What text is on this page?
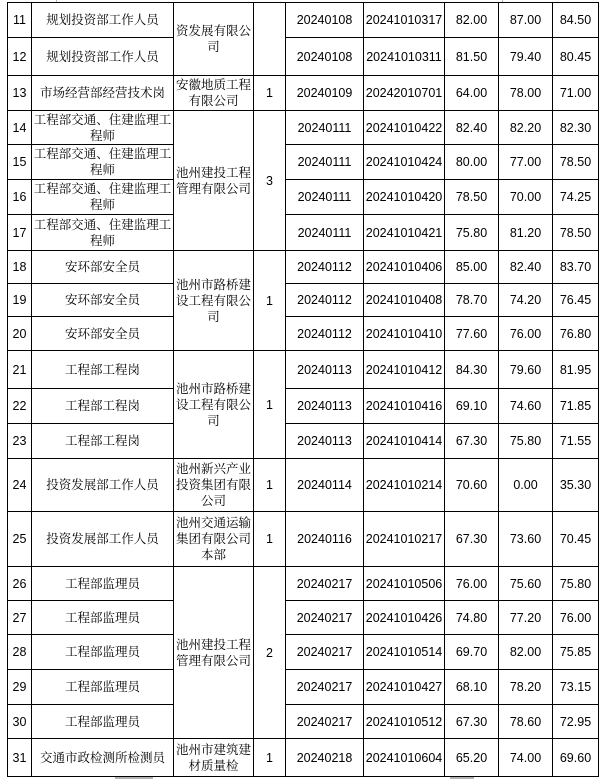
11	规划投资部工作人员	资发展有限公司		20240108	20241010317	82.00	87.00	84.50
12	规划投资部工作人员			20240108	20241010311	81.50	79.40	80.45
13	市场经营部经营技术岗	安徽地质工程有限公司	1	20240109	20242010701	64.00	78.00	71.00
14	工程部交通、住建监理工程师	池州建投工程管理有限公司	3	20240111	20241010422	82.40	82.20	82.30
15	工程部交通、住建监理工程师			20240111	20241010424	80.00	77.00	78.50
16	工程部交通、住建监理工程师			20240111	20241010420	78.50	70.00	74.25
17	工程部交通、住建监理工程师			20240111	20241010421	75.80	81.20	78.50
18	安环部安全员	池州市路桥建设工程有限公司	1	20240112	20241010406	85.00	82.40	83.70
19	安环部安全员			20240112	20241010408	78.70	74.20	76.45
20	安环部安全员			20240112	20241010410	77.60	76.00	76.80
21	工程部工程岗	池州市路桥建设工程有限公司	1	20240113	20241010412	84.30	79.60	81.95
22	工程部工程岗			20240113	20241010416	69.10	74.60	71.85
23	工程部工程岗			20240113	20241010414	67.30	75.80	71.55
24	投资发展部工作人员	池州新兴产业投资集团有限公司	1	20240114	20241010214	70.60	0.00	35.30
25	投资发展部工作人员	池州交通运输集团有限公司本部	1	20240116	20241010217	67.30	73.60	70.45
26	工程部监理员	池州建投工程管理有限公司	2	20240217	20241010506	76.00	75.60	75.80
27	工程部监理员			20240217	20241010426	74.80	77.20	76.00
28	工程部监理员			20240217	20241010514	69.70	82.00	75.85
29	工程部监理员			20240217	20241010427	68.10	78.20	73.15
30	工程部监理员			20240217	20241010512	67.30	78.60	72.95
31	交通市政检测所检测员	池州市建筑建材质量检	1	20240218	20241010604	65.20	74.00	69.60
